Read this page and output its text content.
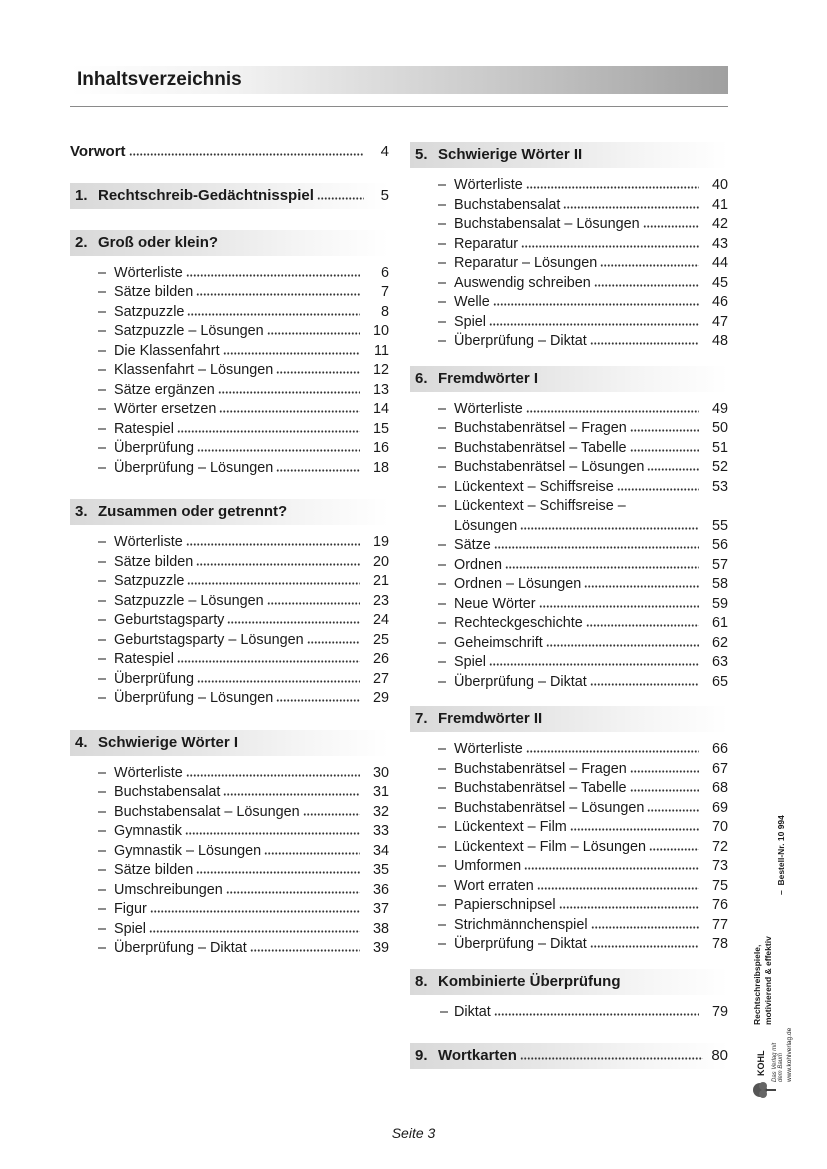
Inhaltsverzeichnis
Vorwort	4
1. Rechtschreib-Gedächtnisspiel	5
2. Groß oder klein?
– Wörterliste	6
– Sätze bilden	7
– Satzpuzzle	8
– Satzpuzzle – Lösungen	10
– Die Klassenfahrt	11
– Klassenfahrt – Lösungen	12
– Sätze ergänzen	13
– Wörter ersetzen	14
– Ratespiel	15
– Überprüfung	16
– Überprüfung – Lösungen	18
3. Zusammen oder getrennt?
– Wörterliste	19
– Sätze bilden	20
– Satzpuzzle	21
– Satzpuzzle – Lösungen	23
– Geburtstagsparty	24
– Geburtstagsparty – Lösungen	25
– Ratespiel	26
– Überprüfung	27
– Überprüfung – Lösungen	29
4. Schwierige Wörter I
– Wörterliste	30
– Buchstabensalat	31
– Buchstabensalat – Lösungen	32
– Gymnastik	33
– Gymnastik – Lösungen	34
– Sätze bilden	35
– Umschreibungen	36
– Figur	37
– Spiel	38
– Überprüfung – Diktat	39
5. Schwierige Wörter II
– Wörterliste	40
– Buchstabensalat	41
– Buchstabensalat – Lösungen	42
– Reparatur	43
– Reparatur – Lösungen	44
– Auswendig schreiben	45
– Welle	46
– Spiel	47
– Überprüfung – Diktat	48
6. Fremdwörter I
– Wörterliste	49
– Buchstabenrätsel – Fragen	50
– Buchstabenrätsel – Tabelle	51
– Buchstabenrätsel – Lösungen	52
– Lückentext – Schiffsreise	53
– Lückentext – Schiffsreise –
Lösungen	55
– Sätze	56
– Ordnen	57
– Ordnen – Lösungen	58
– Neue Wörter	59
– Rechteckgeschichte	61
– Geheimschrift	62
– Spiel	63
– Überprüfung – Diktat	65
7. Fremdwörter II
– Wörterliste	66
– Buchstabenrätsel – Fragen	67
– Buchstabenrätsel – Tabelle	68
– Buchstabenrätsel – Lösungen	69
– Lückentext – Film	70
– Lückentext – Film – Lösungen	72
– Umformen	73
– Wort erraten	75
– Papierschnipsel	76
– Strichmännchenspiel	77
– Überprüfung – Diktat	78
8. Kombinierte Überprüfung
– Diktat	79
9. Wortkarten	80	KOHL Das Verlag mit dem Baum www.kohlverlag.de
Rechtschreibspiele, motivierend & effektiv
–  Bestell-Nr. 10 994
Seite 3
